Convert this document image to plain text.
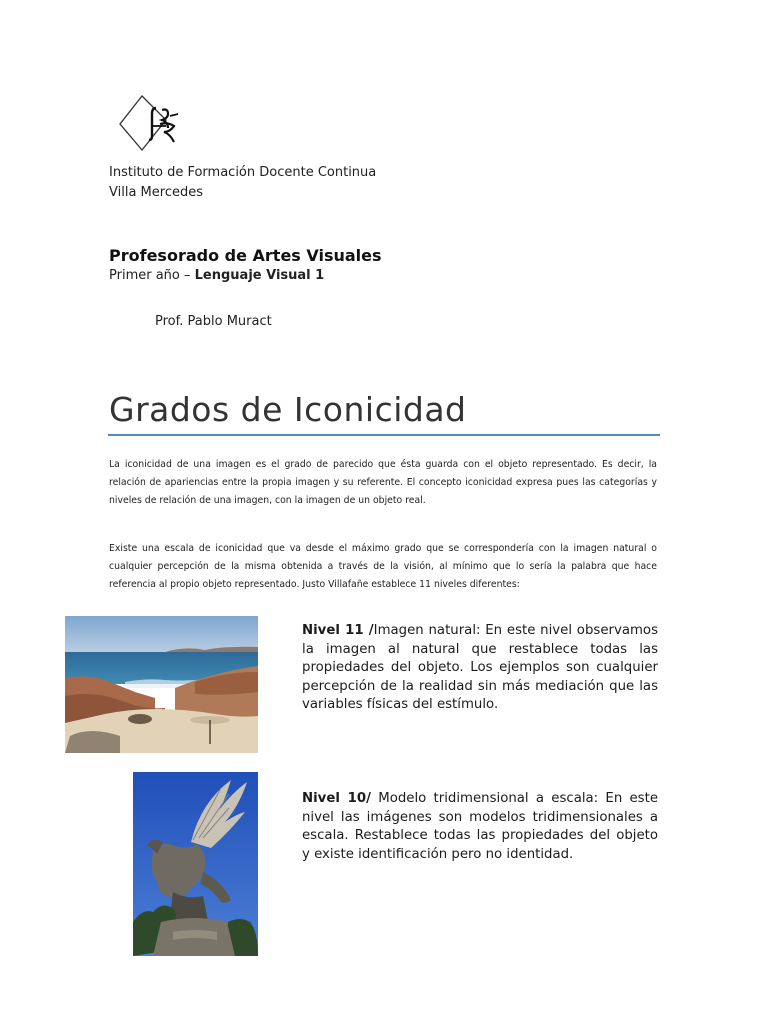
Instituto de Formación Docente Continua
Villa Mercedes
Profesorado de Artes Visuales
Primer año – Lenguaje Visual 1
Prof. Pablo Muract
Grados de Iconicidad
La iconicidad de una imagen es el grado de parecido que ésta guarda con el objeto representado. Es decir, la relación de apariencias entre la propia imagen y su referente. El concepto iconicidad expresa pues las categorías y niveles de relación de una imagen, con la imagen de un objeto real.
Existe una escala de iconicidad que va desde el máximo grado que se correspondería con la imagen natural o cualquier percepción de la misma obtenida a través de la visión, al mínimo que lo sería la palabra que hace referencia al propio objeto representado. Justo Villafañe establece 11 niveles diferentes:
Nivel 11 /Imagen natural: En este nivel observamos la imagen al natural que restablece todas las propiedades del objeto. Los ejemplos son cualquier percepción de la realidad sin más mediación que las variables físicas del estímulo.
Nivel 10/ Modelo tridimensional a escala: En este nivel las imágenes son modelos tridimensionales a escala. Restablece todas las propiedades del objeto y existe identificación pero no identidad.
